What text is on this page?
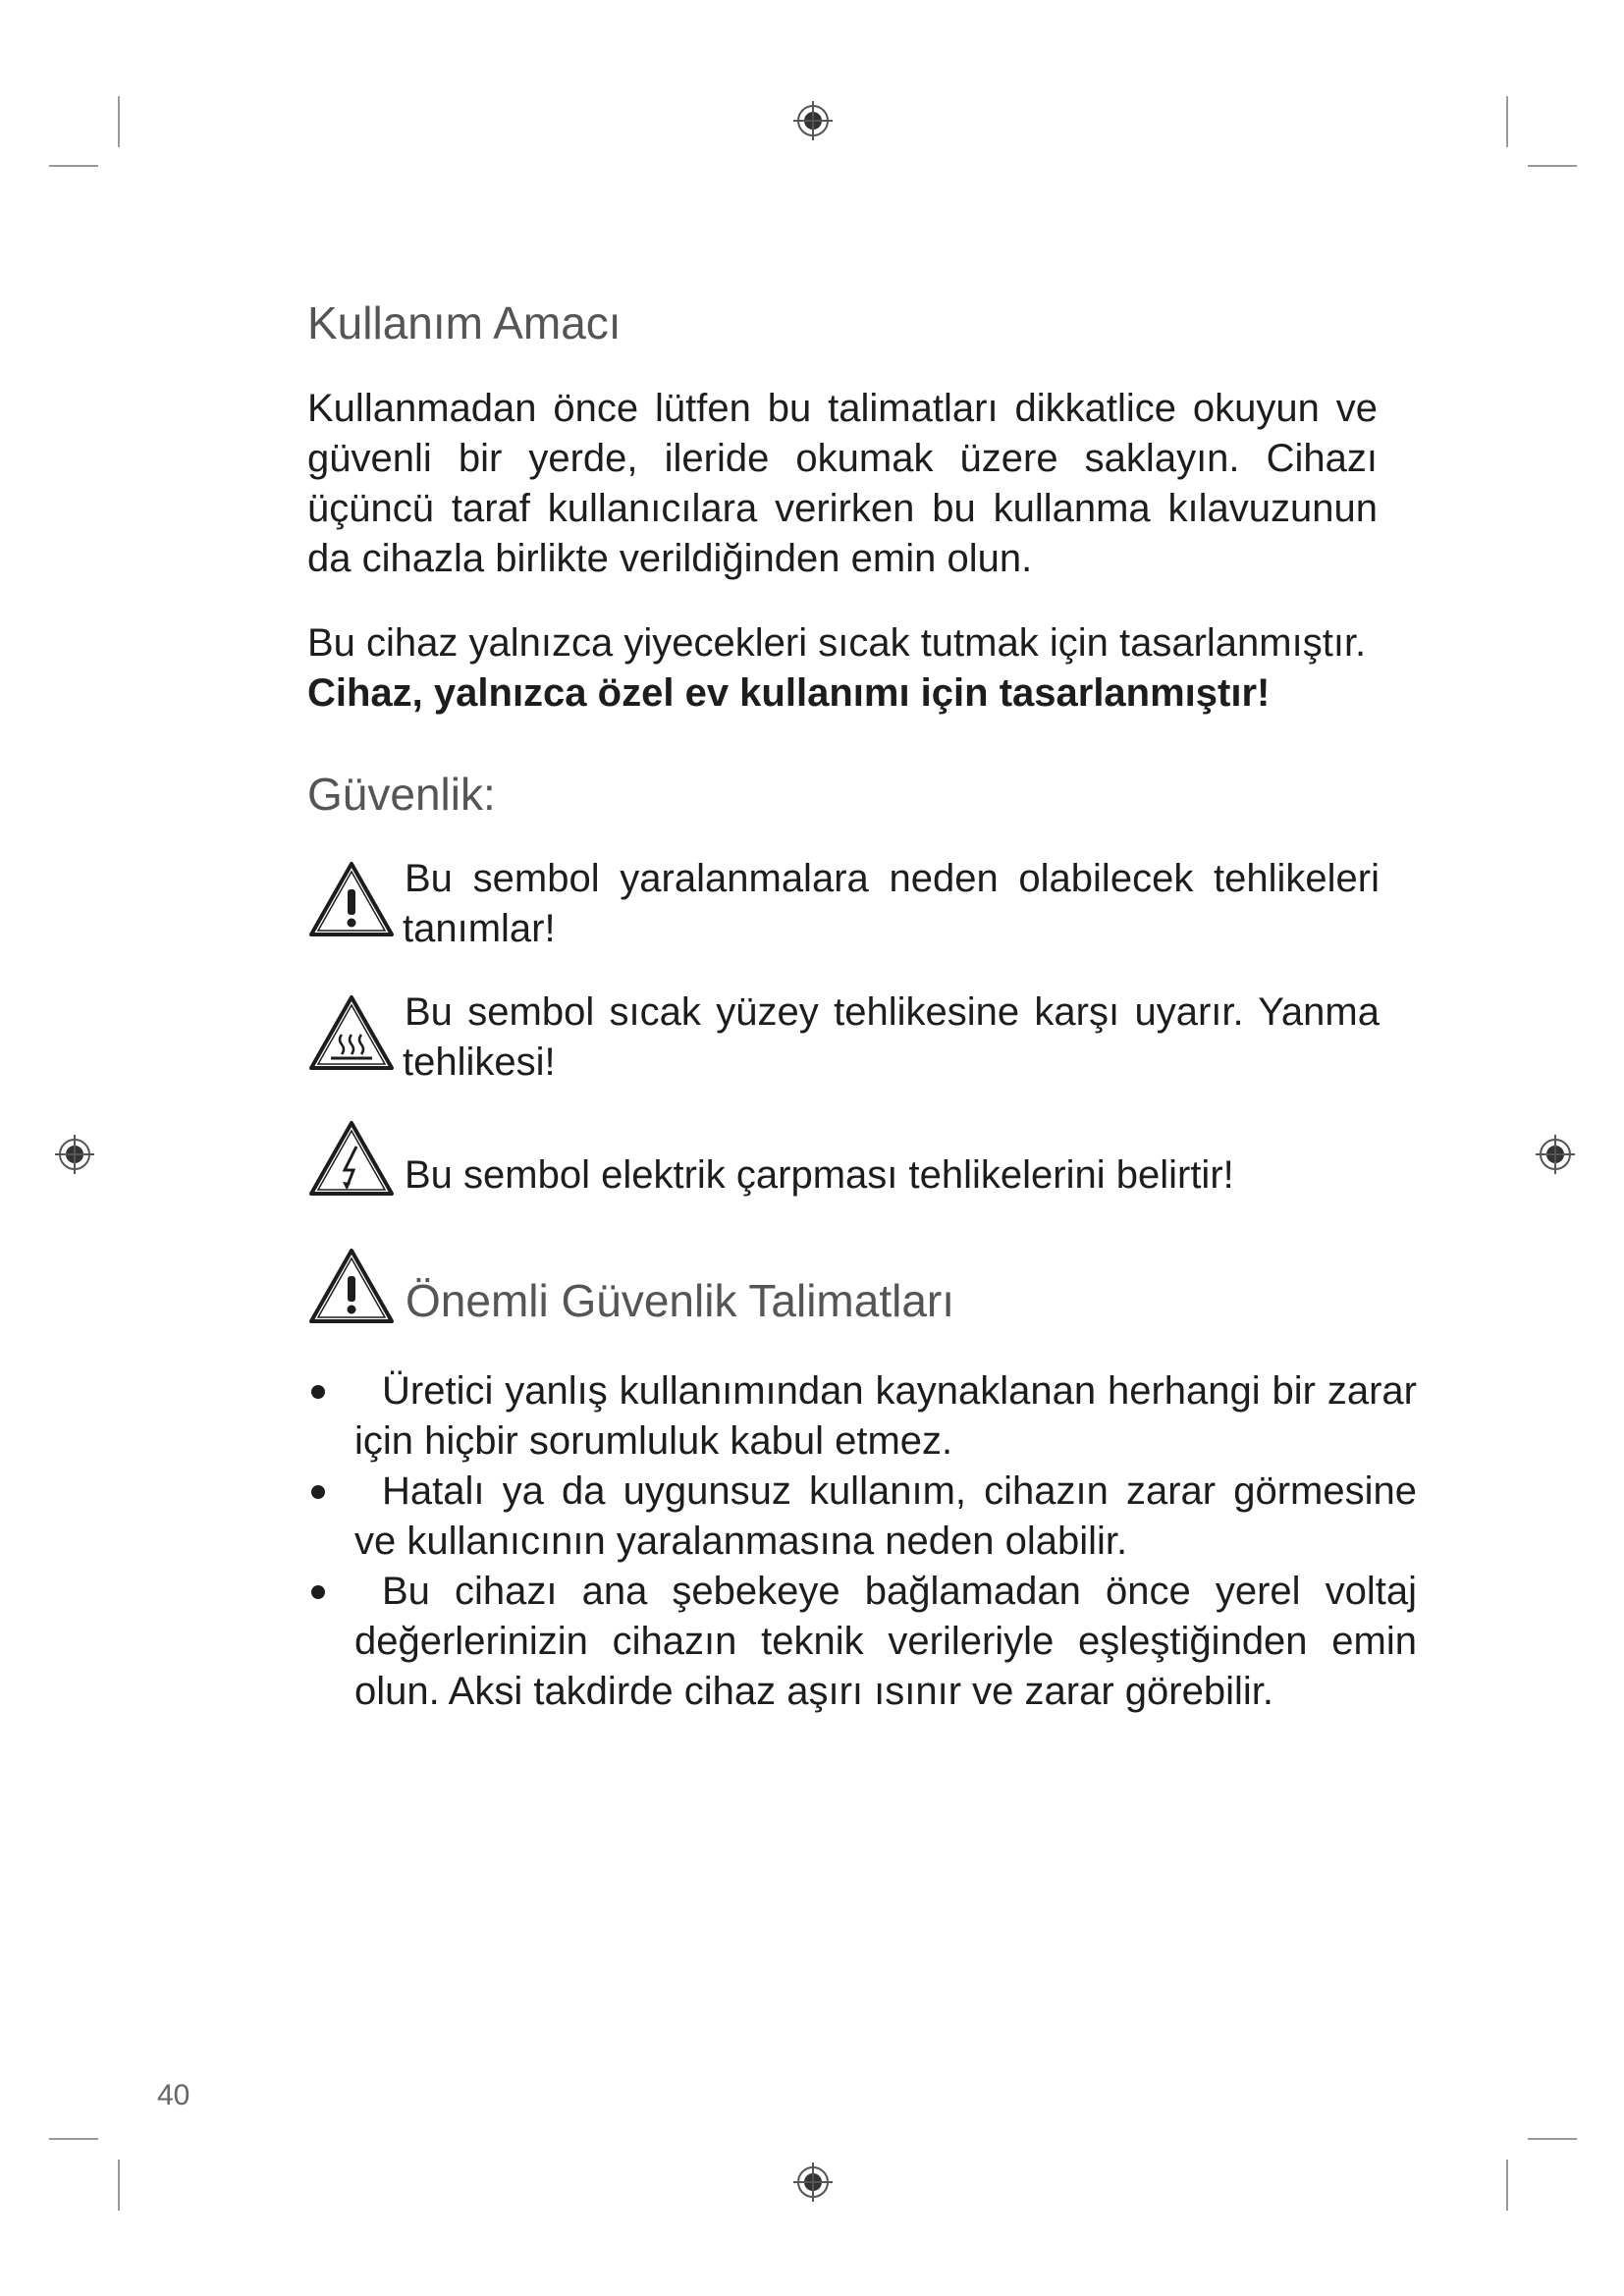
Kullanım Amacı

Kullanmadan önce lütfen bu talimatları dikkatlice okuyun ve güvenli bir yerde, ileride okumak üzere saklayın. Cihazı üçüncü taraf kullanıcılara verirken bu kullanma kılavuzunun da cihazla birlikte verildiğinden emin olun.

Bu cihaz yalnızca yiyecekleri sıcak tutmak için tasarlanmıştır.
Cihaz, yalnızca özel ev kullanımı için tasarlanmıştır!

Güvenlik:
Bu sembol yaralanmalara neden olabilecek tehlikeleri tanımlar!
Bu sembol sıcak yüzey tehlikesine karşı uyarır. Yanma tehlikesi!
Bu sembol elektrik çarpması tehlikelerini belirtir!
Önemli Güvenlik Talimatları
Üretici yanlış kullanımından kaynaklanan herhangi bir zarar için hiçbir sorumluluk kabul etmez.
Hatalı ya da uygunsuz kullanım, cihazın zarar görmesine ve kullanıcının yaralanmasına neden olabilir.
Bu cihazı ana şebekeye bağlamadan önce yerel voltaj değerlerinizin cihazın teknik verileriyle eşleştiğinden emin olun. Aksi takdirde cihaz aşırı ısınır ve zarar görebilir.
40
